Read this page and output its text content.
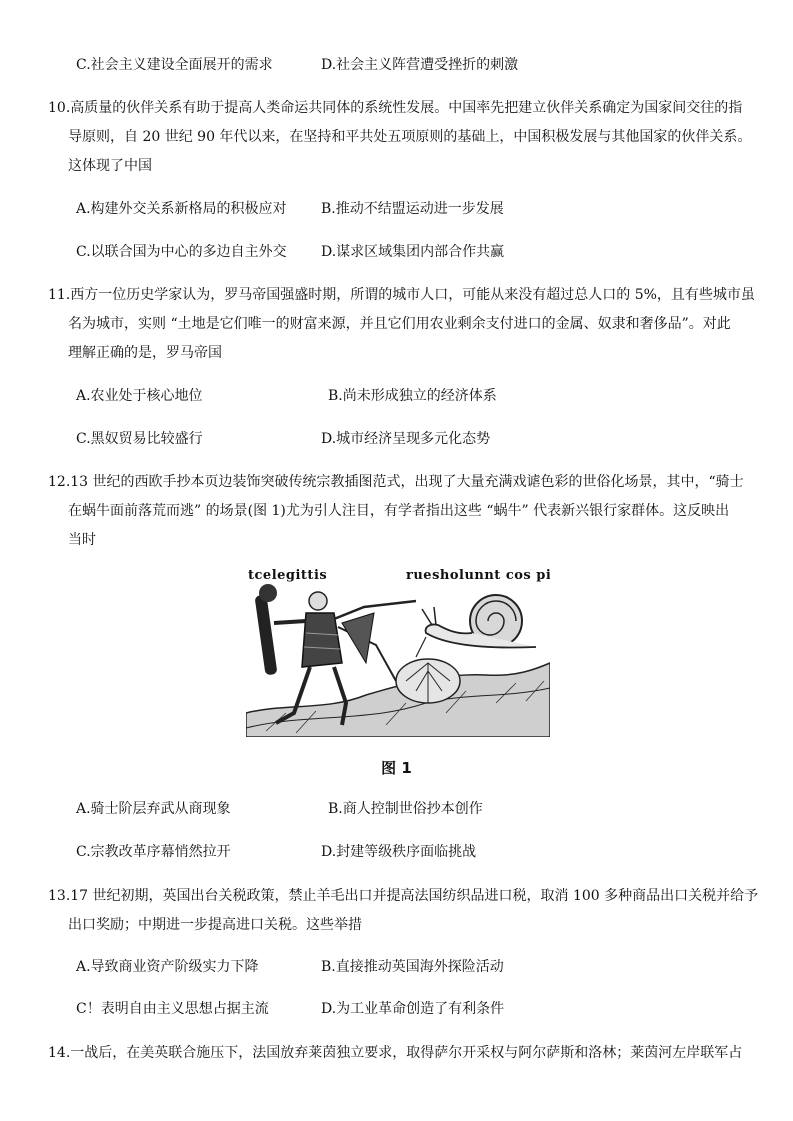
C.社会主义建设全面展开的需求	D.社会主义阵营遭受挫折的刺激
10.高质量的伙伴关系有助于提高人类命运共同体的系统性发展。中国率先把建立伙伴关系确定为国家间交往的指
导原则，自 20 世纪 90 年代以来，在坚持和平共处五项原则的基础上，中国积极发展与其他国家的伙伴关系。
这体现了中国
A.构建外交关系新格局的积极应对 B.推动不结盟运动进一步发展
C.以联合国为中心的多边自主外交 D.谋求区域集团内部合作共赢
11.西方一位历史学家认为，罗马帝国强盛时期，所谓的城市人口，可能从来没有超过总人口的 5%，且有些城市虽
名为城市，实则 “土地是它们唯一的财富来源，并且它们用农业剩余支付进口的金属、奴隶和奢侈品”。对此
理解正确的是，罗马帝国
A.农业处于核心地位	B.尚未形成独立的经济体系
C.黑奴贸易比较盛行	D.城市经济呈现多元化态势
12.13 世纪的西欧手抄本页边装饰突破传统宗教插图范式，出现了大量充满戏谑色彩的世俗化场景，其中，“骑士
在蜗牛面前落荒而逃” 的场景(图 1)尤为引人注目，有学者指出这些 “蜗牛” 代表新兴银行家群体。这反映出
当时
tcelegittis	ruesholunnt cos pie
图 1
A.骑士阶层弃武从商现象	B.商人控制世俗抄本创作
C.宗教改革序幕悄然拉开	D.封建等级秩序面临挑战
13.17 世纪初期，英国出台关税政策，禁止羊毛出口并提高法国纺织品进口税，取消 100 多种商品出口关税并给予
出口奖励；中期进一步提高进口关税。这些举措
A.导致商业资产阶级实力下降	B.直接推动英国海外探险活动
C！表明自由主义思想占据主流	D.为工业革命创造了有利条件
14.一战后，在美英联合施压下，法国放弃莱茵独立要求，取得萨尔开采权与阿尔萨斯和洛林；莱茵河左岸联军占
